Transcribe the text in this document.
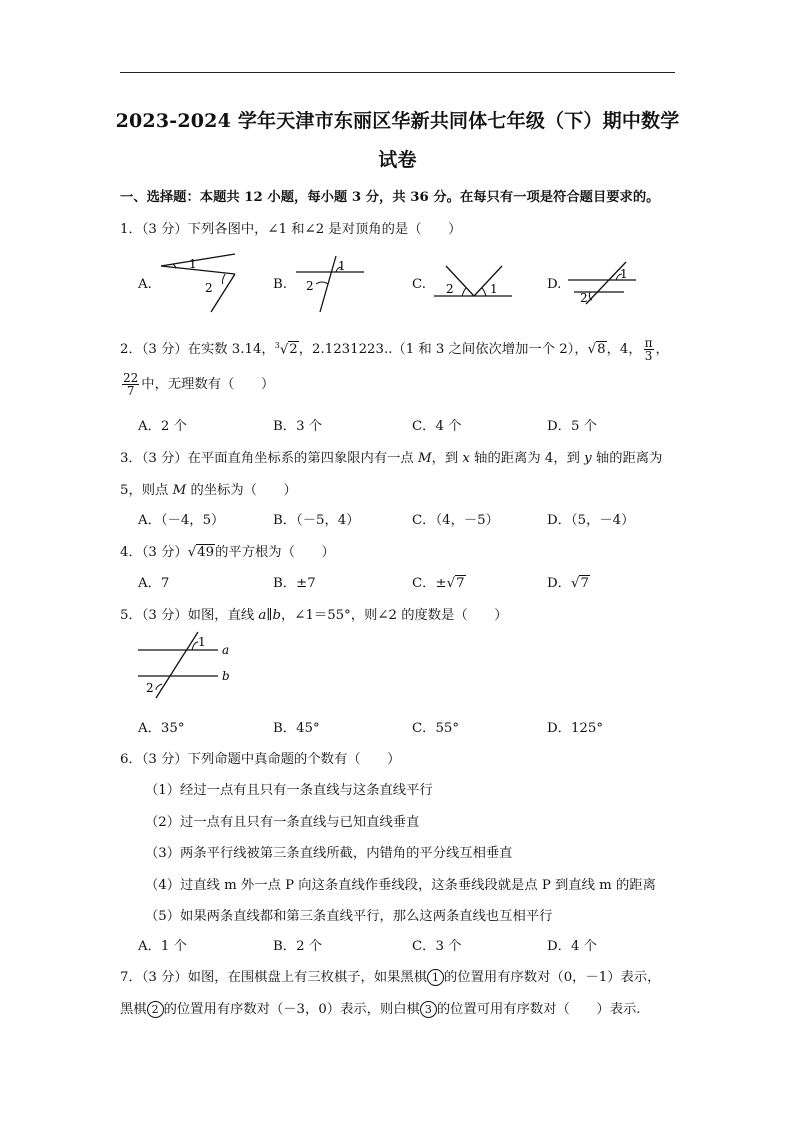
2023-2024 学年天津市东丽区华新共同体七年级（下）期中数学
试卷
一、选择题：本题共 12 小题，每小题 3 分，共 36 分。在每只有一项是符合题目要求的。
1．（3 分）下列各图中，∠1 和∠2 是对顶角的是（　　）
A.
1
2	B.
1
2	C. 2	1	D.
1
2
2．（3 分）在实数 3.14，$^3$√2，2.1231223..（1 和 3 之间依次增加一个 2），√8，4， $\frac{\pi}{3}$ ，
$\frac{22}{7}$ 中，无理数有（　　）
A．2 个	B．3 个	C．4 个	D．5 个
3．（3 分）在平面直角坐标系的第四象限内有一点 M，到 x 轴的距离为 4，到 y 轴的距离为
5，则点 M 的坐标为（　　）
A．（－4，5）	B．（－5，4）	C．（4，－5）	D．（5，－4）
4．（3 分）√49的平方根为（　　）
A．7	B．±7	C．±√7	D．√7
5．（3 分）如图，直线 a∥b，∠1＝55°，则∠2 的度数是（　　）
1
2
a
b
A．35°	B．45°	C．55°	D．125°
6．（3 分）下列命题中真命题的个数有（　　）
（1）经过一点有且只有一条直线与这条直线平行
（2）过一点有且只有一条直线与已知直线垂直
（3）两条平行线被第三条直线所截，内错角的平分线互相垂直
（4）过直线 m 外一点 P 向这条直线作垂线段，这条垂线段就是点 P 到直线 m 的距离
（5）如果两条直线都和第三条直线平行，那么这两条直线也互相平行
A．1 个	B．2 个	C．3 个	D．4 个
7．（3 分）如图，在围棋盘上有三枚棋子，如果黑棋 1 的位置用有序数对（0，－1）表示，
黑棋 2 的位置用有序数对（－3，0）表示，则白棋 3 的位置可用有序数对（　　）表示.
